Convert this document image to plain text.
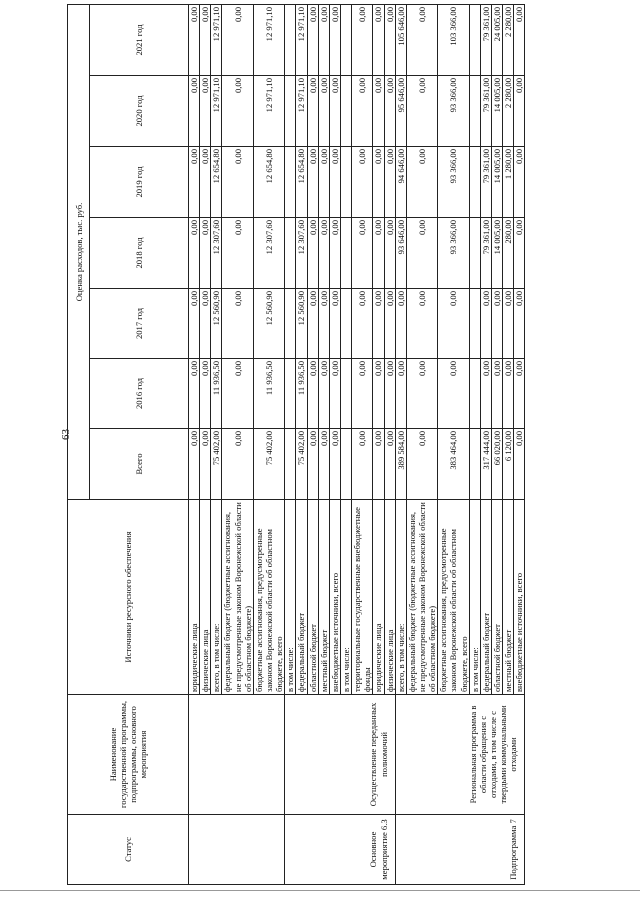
63
Статус	Наименование государственной программы, подпрограммы, основного мероприятия	Источники ресурсного обеспечения	Оценка расходов, тыс. руб.						
			Всего	2016 год	2017 год	2018 год	2019 год	2020 год	2021 год
		юридические лица	0,00	0,00	0,00	0,00	0,00	0,00	0,00
		физические лица	0,00	0,00	0,00	0,00	0,00	0,00	0,00
		всего, в том числе:	75 402,00	11 936,50	12 560,90	12 307,60	12 654,80	12 971,10	12 971,10
		федеральный бюджет (бюджетные ассигнования, не предусмотренные законом Воронежской области об областном бюджете)	0,00	0,00	0,00	0,00	0,00	0,00	0,00
		бюджетные ассигнования, предусмотренные законом Воронежской области об областном бюджете, всего	75 402,00	11 936,50	12 560,90	12 307,60	12 654,80	12 971,10	12 971,10
Основное мероприятие 6.3	Осуществление переданных полномочий	в том числе:							
		федеральный бюджет	75 402,00	11 936,50	12 560,90	12 307,60	12 654,80	12 971,10	12 971,10
		областной бюджет	0,00	0,00	0,00	0,00	0,00	0,00	0,00
		местный бюджет	0,00	0,00	0,00	0,00	0,00	0,00	0,00
		внебюджетные источники, всего	0,00	0,00	0,00	0,00	0,00	0,00	0,00
		в том числе:							
		территориальные государственные внебюджетные фонды	0,00	0,00	0,00	0,00	0,00	0,00	0,00
		юридические лица	0,00	0,00	0,00	0,00	0,00	0,00	0,00
		физические лица	0,00	0,00	0,00	0,00	0,00	0,00	0,00
Подпрограмма 7	Региональная программа в области обращения с отходами, в том числе с твердыми коммунальными отходами	всего, в том числе:	389 584,00	0,00	0,00	93 646,00	94 646,00	95 646,00	105 646,00
		федеральный бюджет (бюджетные ассигнования, не предусмотренные законом Воронежской области об областном бюджете)	0,00	0,00	0,00	0,00	0,00	0,00	0,00
		бюджетные ассигнования, предусмотренные законом Воронежской области об областном бюджете, всего	383 464,00	0,00	0,00	93 366,00	93 366,00	93 366,00	103 366,00
		в том числе:							
		федеральный бюджет	317 444,00	0,00	0,00	79 361,00	79 361,00	79 361,00	79 361,00
		областной бюджет	66 020,00	0,00	0,00	14 005,00	14 005,00	14 005,00	24 005,00
		местный бюджет	6 120,00	0,00	0,00	280,00	1 280,00	2 280,00	2 280,00
		внебюджетные источники, всего	0,00	0,00	0,00	0,00	0,00	0,00	0,00
